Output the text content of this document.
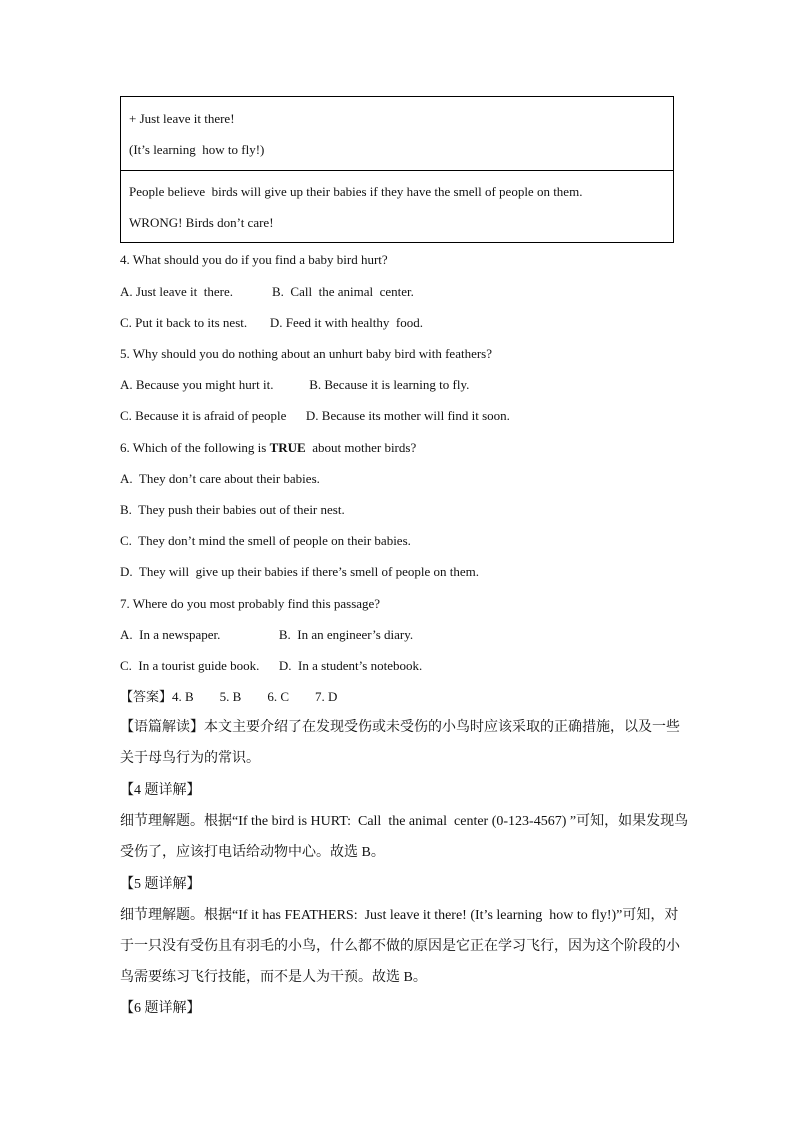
+ Just leave it there!
(It’s learning  how to fly!)
People believe  birds will give up their babies if they have the smell of people on them.
WRONG! Birds don’t care!
4. What should you do if you find a baby bird hurt?
A. Just leave it  there.            B.  Call  the animal  center.
C. Put it back to its nest.       D. Feed it with healthy  food.
5. Why should you do nothing about an unhurt baby bird with feathers?
A. Because you might hurt it.           B. Because it is learning to fly.
C. Because it is afraid of people      D. Because its mother will find it soon.
6. Which of the following is TRUE  about mother birds?
A.  They don’t care about their babies.
B.  They push their babies out of their nest.
C.  They don’t mind the smell of people on their babies.
D.  They will  give up their babies if there’s smell of people on them.
7. Where do you most probably find this passage?
A.  In a newspaper.                  B.  In an engineer’s diary.
C.  In a tourist guide book.      D.  In a student’s notebook.
【答案】4. B        5. B        6. C        7. D
【语篇解读】本文主要介绍了在发现受伤或未受伤的小鸟时应该采取的正确措施，以及一些
关于母鸟行为的常识。
【4 题详解】
细节理解题。根据“If the bird is HURT:  Call  the animal  center (0-123-4567) ”可知，如果发现鸟
受伤了，应该打电话给动物中心。故选 B。
【5 题详解】
细节理解题。根据“If it has FEATHERS:  Just leave it there! (It’s learning  how to fly!)”可知，对
于一只没有受伤且有羽毛的小鸟，什么都不做的原因是它正在学习飞行，因为这个阶段的小
鸟需要练习飞行技能，而不是人为干预。故选 B。
【6 题详解】
